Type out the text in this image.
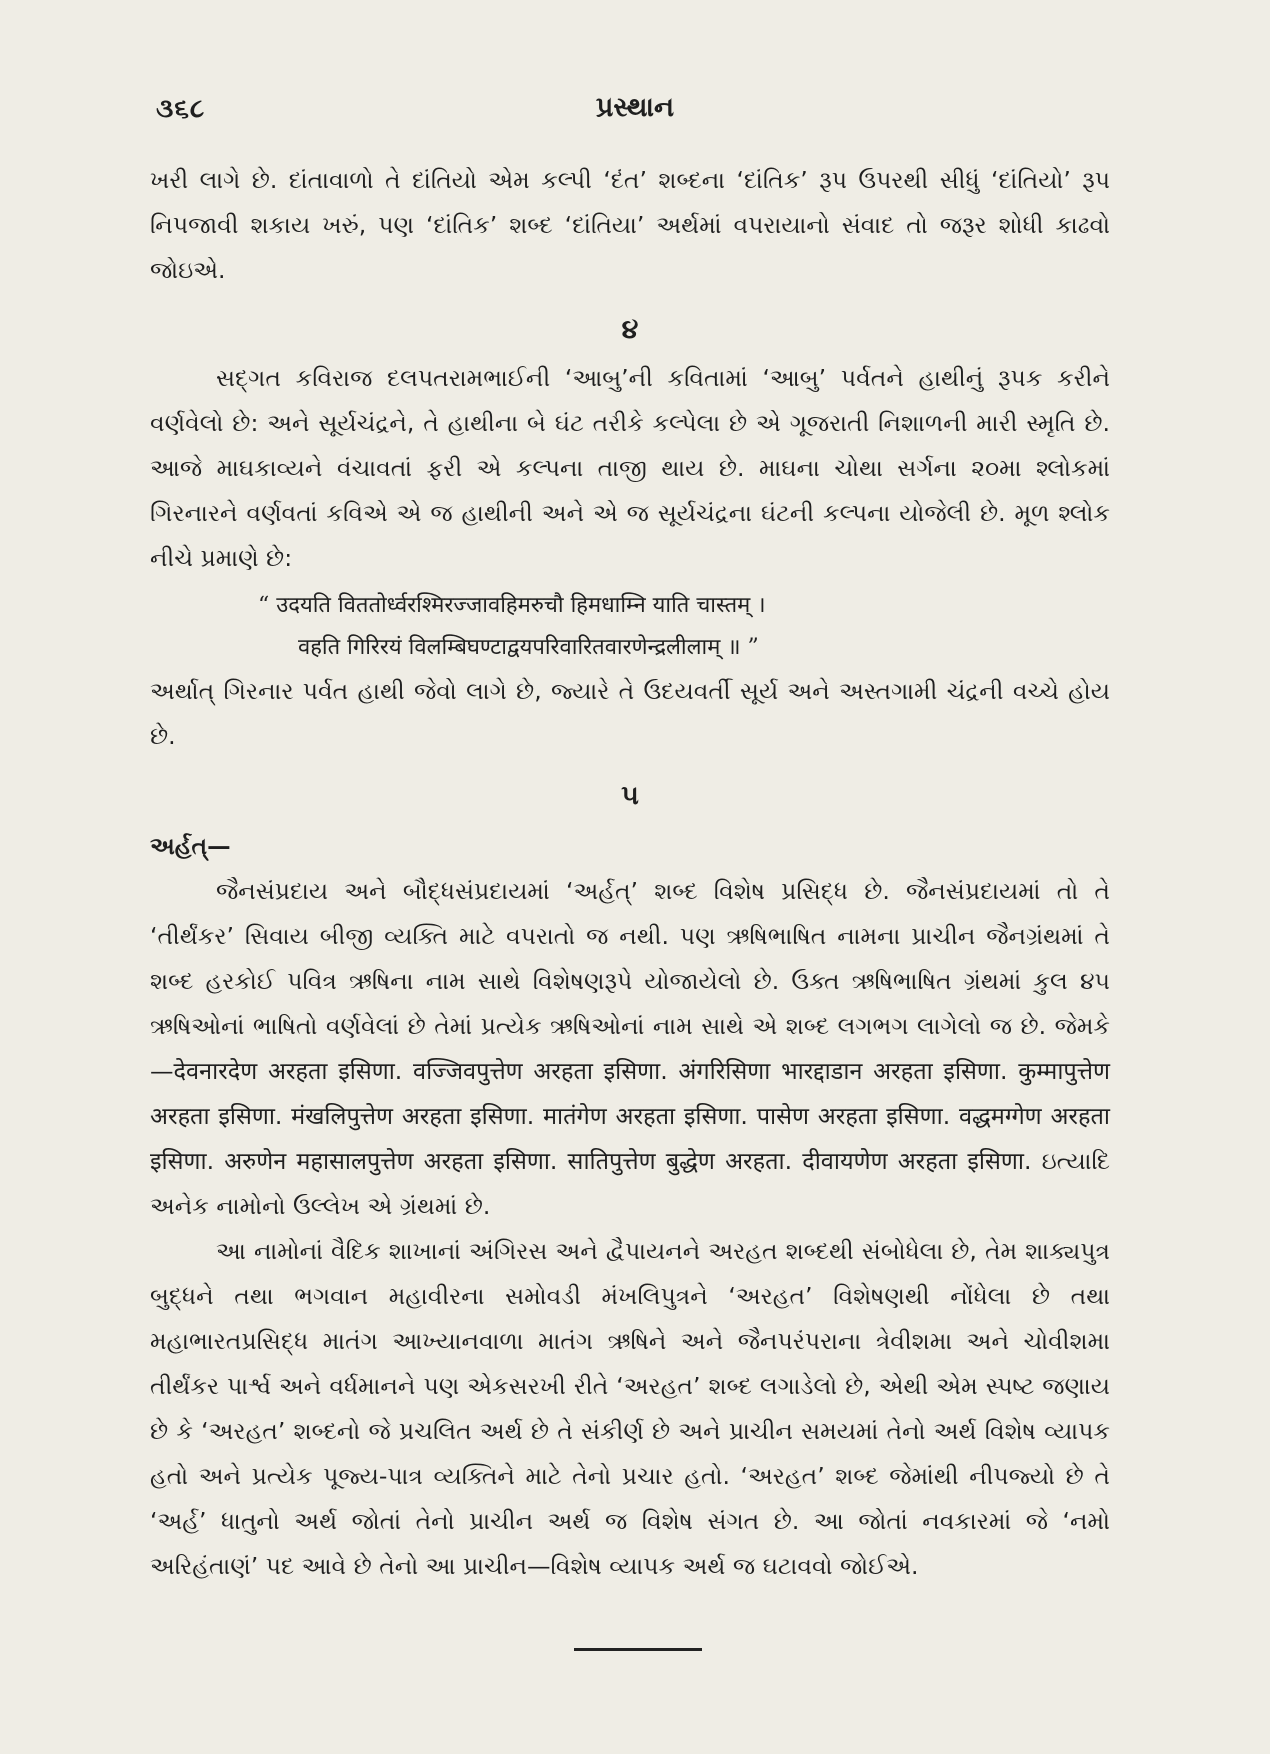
૩૬૮	પ્રસ્થાન

ખરી લાગે છે. દાંતાવાળો તે દાંતિયો એમ કલ્પી ‘દંત’ શબ્દના ‘દાંતિક’ રૂપ ઉપરથી સીધું ‘દાંતિયો’ રૂપ નિપજાવી શકાય ખરું, પણ ‘દાંતિક’ શબ્દ ‘દાંતિયા’ અર્થમાં વપરાયાનો સંવાદ તો જરૂર શોધી કાઢવો જોઇએ.

૪

સદ્ગત કવિરાજ દલપતરામભાઈની ‘આબુ’ની કવિતામાં ‘આબુ’ પર્વતને હાથીનું રૂપક કરીને વર્ણવેલો છે: અને સૂર્યચંદ્રને, તે હાથીના બે ઘંટ તરીકે કલ્પેલા છે એ ગૂજરાતી નિશાળની મારી સ્મૃતિ છે. આજે માઘકાવ્યને વંચાવતાં ફરી એ કલ્પના તાજી થાય છે. માઘના ચોથા સર્ગના ૨૦મા શ્લોકમાં ગિરનારને વર્ણવતાં કવિએ એ જ હાથીની અને એ જ સૂર્યચંદ્રના ઘંટની કલ્પના યોજેલી છે. મૂળ શ્લોક નીચે પ્રમાણે છે:

“ उदयति विततोर्ध्वरश्मिरज्जावहिमरुचौ हिमधाम्नि याति चास्तम् ।
वहति गिरिरयं विलम्बिघण्टाद्वयपरिवारितवारणेन्द्रलीलाम् ॥ ”

અર્થાત્ ગિરનાર પર્વત હાથી જેવો લાગે છે, જ્યારે તે ઉદયવર્તી સૂર્ય અને અસ્તગામી ચંદ્રની વચ્ચે હોય છે.

૫
અર્હત્—

જૈનસંપ્રદાય અને બૌદ્ધસંપ્રદાયમાં ‘અર્હત્’ શબ્દ વિશેષ પ્રસિદ્ધ છે. જૈનસંપ્રદાયમાં તો તે ‘તીર્થંકર’ સિવાય બીજી વ્યક્તિ માટે વપરાતો જ નથી. પણ ઋષિભાષિત નામના પ્રાચીન જૈનગ્રંથમાં તે શબ્દ હરકોઈ પવિત્ર ઋષિના નામ સાથે વિશેષણરૂપે યોજાયેલો છે. ઉક્ત ઋષિભાષિત ગ્રંથમાં કુલ ૪૫ ઋષિઓનાં ભાષિતો વર્ણવેલાં છે તેમાં પ્રત્યેક ઋષિઓનાં નામ સાથે એ શબ્દ લગભગ લાગેલો જ છે. જેમકે—देवनारदेण अरहता इसिणा. वज्जिवपुत्तेण अरहता इसिणा. अंगरिसिणा भारद्दाडान अरहता इसिणा. कुम्मापुत्तेण अरहता इसिणा. मंखलिपुत्तेण अरहता इसिणा. मातंगेण अरहता इसिणा. पासेण अरहता इसिणा. वद्धमग्गेण अरहता इसिणा. अरुणेन महासालपुत्तेण अरहता इसिणा. सातिपुत्तेण बुद्धेण अरहता. दीवायणेण अरहता इसिणा. ઇત્યાદિ અનેક નામોનો ઉલ્લેખ એ ગ્રંથમાં છે.

આ નામોનાં વૈદિક શાખાનાં અંગિરસ અને દ્વૈપાયનને અરહત શબ્દથી સંબોધેલા છે, તેમ શાક્યપુત્ર બુદ્ધને તથા ભગવાન મહાવીરના સમોવડી મંખલિપુત્રને ‘અરહત’ વિશેષણથી નોંધેલા છે તથા મહાભારતપ્રસિદ્ધ માતંગ આખ્યાનવાળા માતંગ ઋષિને અને જૈનપરંપરાના ત્રેવીશમા અને ચોવીશમા તીર્થંકર પાર્શ્વ અને વર્ધમાનને પણ એકસરખી રીતે ‘અરહત’ શબ્દ લગાડેલો છે, એથી એમ સ્પષ્ટ જણાય છે કે ‘અરહત’ શબ્દનો જે પ્રચલિત અર્થ છે તે સંકીર્ણ છે અને પ્રાચીન સમયમાં તેનો અર્થ વિશેષ વ્યાપક હતો અને પ્રત્યેક પૂજ્ય-પાત્ર વ્યક્તિને માટે તેનો પ્રચાર હતો. ‘અરહત’ શબ્દ જેમાંથી નીપજ્યો છે તે ‘અર્હ’ ધાતુનો અર્થ જોતાં તેનો પ્રાચીન અર્થ જ વિશેષ સંગત છે. આ જોતાં નવકારમાં જે ‘નમો અરિહંતાણં’ પદ આવે છે તેનો આ પ્રાચીન—વિશેષ વ્યાપક અર્થ જ ઘટાવવો જોઈએ.
